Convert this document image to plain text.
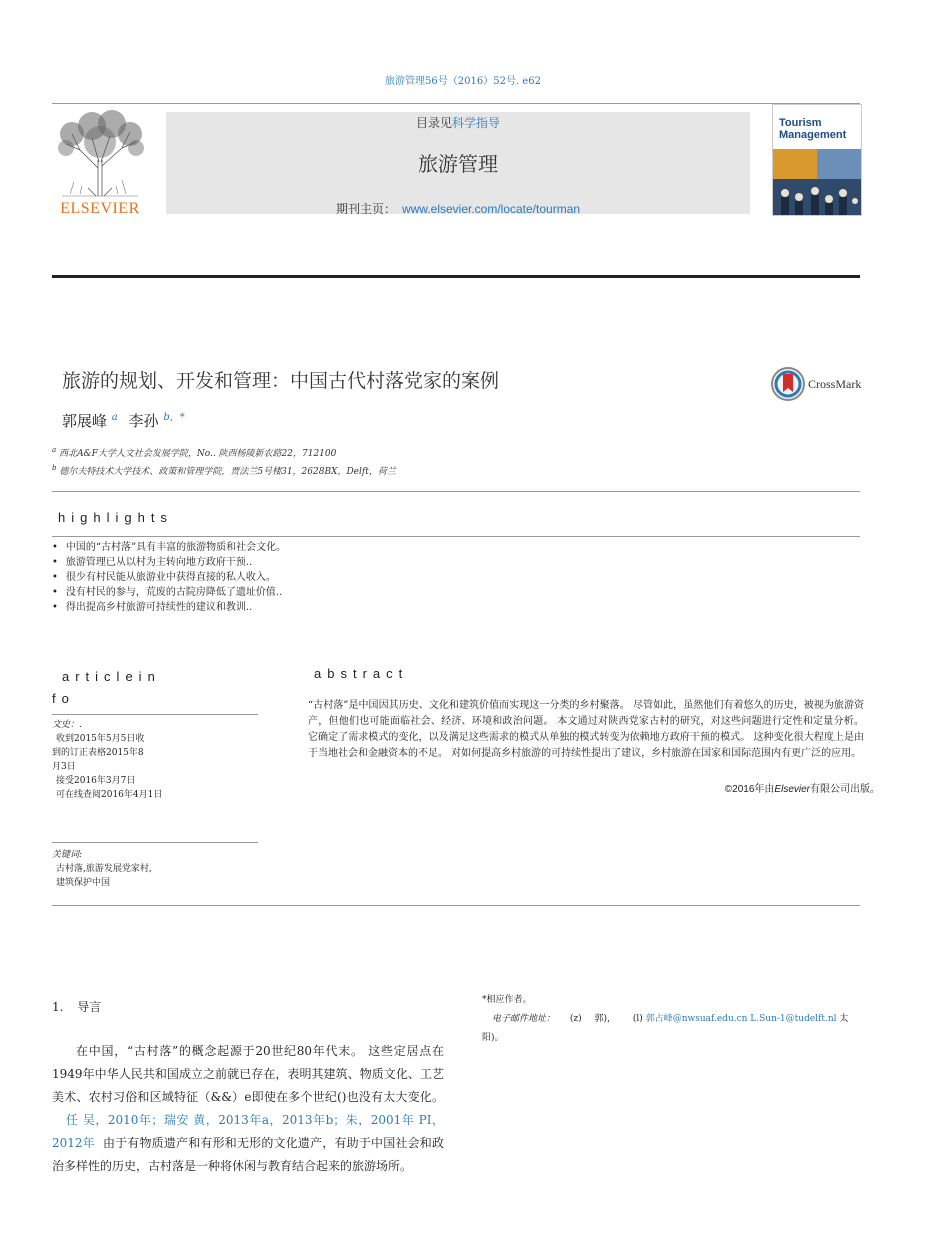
旅游管理56号（2016）52号. e62
ELSEVIER
目录见科学指导
旅游管理
期刊主页： www.elsevier.com/locate/tourman
Tourism
Management
旅游的规划、开发和管理：中国古代村落党家的案例	CrossMark
郭展峰 $^a$ 李孙 $^{b,*}$
$^a$ 西北A&F大学人文社会发展学院，No.. 陕西杨陵新农路22，712100
$^b$ 德尔夫特技术大学技术、政策和管理学院，贾法兰5号楼31，2628BX，Delft，荷兰
highlights
• 中国的“古村落”具有丰富的旅游物质和社会文化。
• 旅游管理已从以村为主转向地方政府干预..
• 很少有村民能从旅游业中获得直接的私人收入。
• 没有村民的参与，荒废的古院房降低了遗址价值..
• 得出提高乡村旅游可持续性的建议和教训..
articlein
fo
文史：.
收到2015年5月5日收
到的订正表格2015年8
月3日
接受2016年3月7日
可在线查阅2016年4月1日
关键词:
古村落,旅游发展党家村,
建筑保护中国
abstract
“古村落”是中国因其历史、文化和建筑价值而实现这一分类的乡村聚落。 尽管如此，虽然他们有着悠久的历史，被视为旅游资产，但他们也可能面临社会、经济、环境和政治问题。 本文通过对陕西党家古村的研究，对这些问题进行定性和定量分析。 它确定了需求模式的变化，以及满足这些需求的模式从单独的模式转变为依赖地方政府干预的模式。 这种变化很大程度上是由于当地社会和金融资本的不足。 对如何提高乡村旅游的可持续性提出了建议，乡村旅游在国家和国际范围内有更广泛的应用。
©2016年由Elsevier有限公司出版。
1. 导言
在中国，“古村落”的概念起源于20世纪80年代末。 这些定居点在1949年中华人民共和国成立之前就已存在，表明其建筑、物质文化、工艺美术、农村习俗和区域特征（&&）e即使在多个世纪()也没有太大变化。 任 吴，2010年；瑞安 黄，2013年a，2013年b；朱，2001年 PI，2012年 由于有物质遗产和有形和无形的文化遗产，有助于中国社会和政治多样性的历史，古村落是一种将休闲与教育结合起来的旅游场所。
*相应作者。
电子邮件地址： (z) 郭)， (l) 郭占峰@nwsuaf.edu.cn L.Sun-1@tudelft.nl 太
阳)。
